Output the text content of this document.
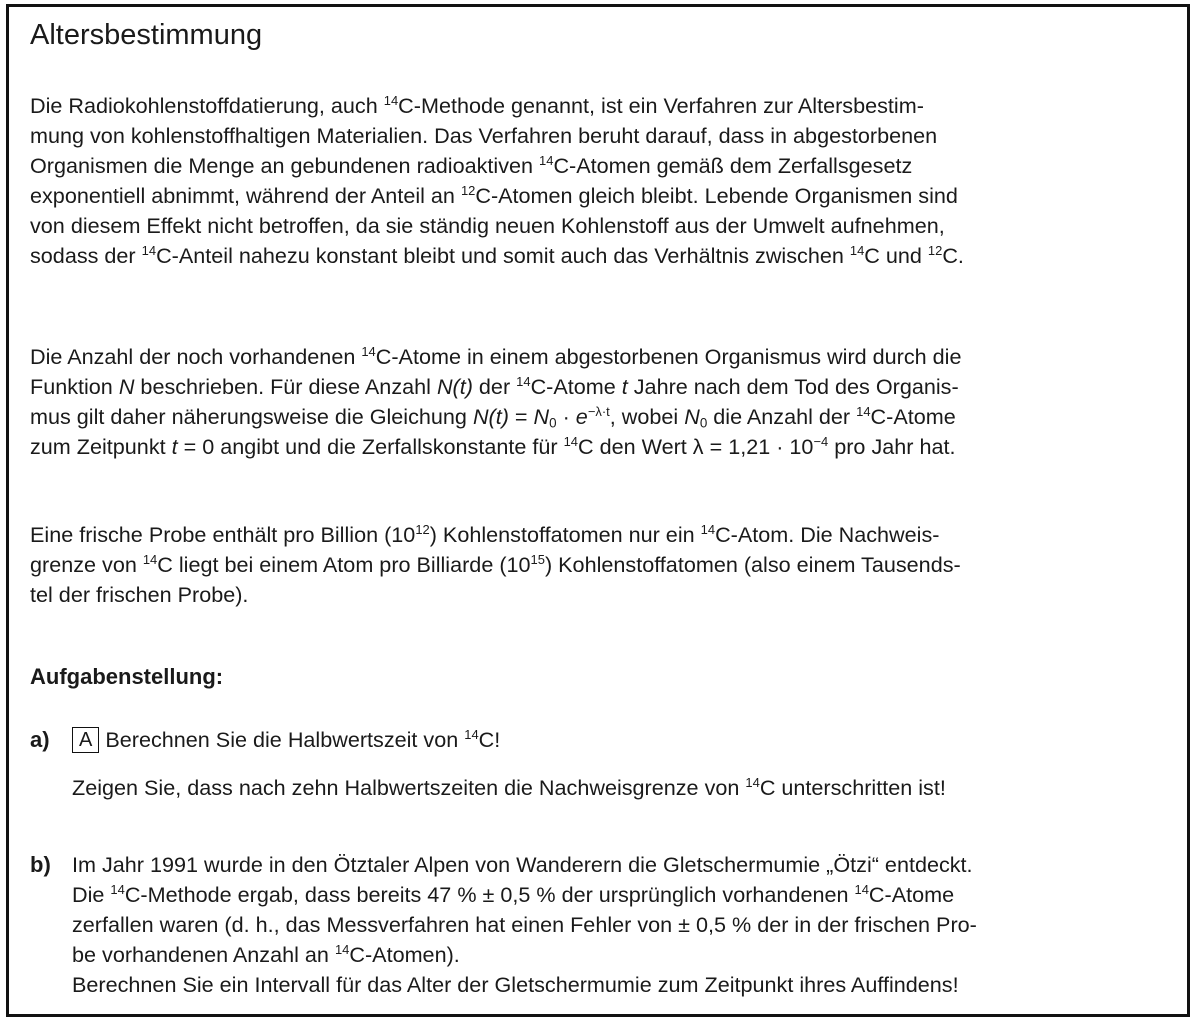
Altersbestimmung
Die Radiokohlenstoffdatierung, auch $^{14}$C-Methode genannt, ist ein Verfahren zur Altersbestim-
mung von kohlenstoffhaltigen Materialien. Das Verfahren beruht darauf, dass in abgestorbenen
Organismen die Menge an gebundenen radioaktiven $^{14}$C-Atomen gemäß dem Zerfallsgesetz
exponentiell abnimmt, während der Anteil an $^{12}$C-Atomen gleich bleibt. Lebende Organismen sind
von diesem Effekt nicht betroffen, da sie ständig neuen Kohlenstoff aus der Umwelt aufnehmen,
sodass der $^{14}$C-Anteil nahezu konstant bleibt und somit auch das Verhältnis zwischen $^{14}$C und $^{12}$C.
Die Anzahl der noch vorhandenen $^{14}$C-Atome in einem abgestorbenen Organismus wird durch die
Funktion N beschrieben. Für diese Anzahl N(t) der $^{14}$C-Atome t Jahre nach dem Tod des Organis-
mus gilt daher näherungsweise die Gleichung $N(t) = N_0 \cdot e^{-\lambda\cdot t}$, wobei $N_0$ die Anzahl der $^{14}$C-Atome
zum Zeitpunkt t = 0 angibt und die Zerfallskonstante für $^{14}$C den Wert $\lambda = 1,21 \cdot 10^{-4}$ pro Jahr hat.
Eine frische Probe enthält pro Billion $(10^{12})$ Kohlenstoffatomen nur ein $^{14}$C-Atom. Die Nachweis-
grenze von $^{14}$C liegt bei einem Atom pro Billiarde $(10^{15})$ Kohlenstoffatomen (also einem Tausends-
tel der frischen Probe).
Aufgabenstellung:
a)	A Berechnen Sie die Halbwertszeit von $^{14}$C!
Zeigen Sie, dass nach zehn Halbwertszeiten die Nachweisgrenze von $^{14}$C unterschritten ist!
b) Im Jahr 1991 wurde in den Ötztaler Alpen von Wanderern die Gletschermumie „Ötzi“ entdeckt.
Die $^{14}$C-Methode ergab, dass bereits 47 % ± 0,5 % der ursprünglich vorhandenen $^{14}$C-Atome
zerfallen waren (d. h., das Messverfahren hat einen Fehler von ± 0,5 % der in der frischen Pro-
be vorhandenen Anzahl an $^{14}$C-Atomen).
Berechnen Sie ein Intervall für das Alter der Gletschermumie zum Zeitpunkt ihres Auffindens!
